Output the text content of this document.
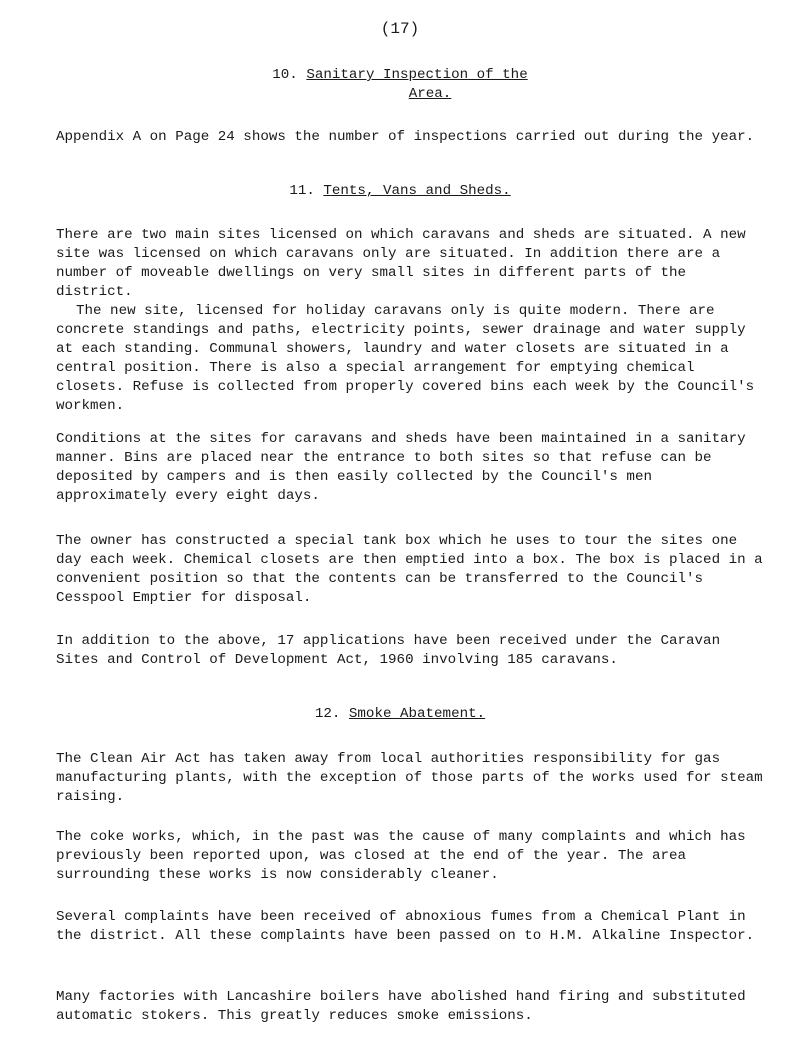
(17)
10. Sanitary Inspection of the
Area.
Appendix A on Page 24 shows the number of inspections carried out during the year.
11. Tents, Vans and Sheds.
There are two main sites licensed on which caravans and sheds are situated. A new site was licensed on which caravans only are situated. In addition there are a number of moveable dwellings on very small sites in different parts of the district.
The new site, licensed for holiday caravans only is quite modern. There are concrete standings and paths, electricity points, sewer drainage and water supply at each standing. Communal showers, laundry and water closets are situated in a central position. There is also a special arrangement for emptying chemical closets. Refuse is collected from properly covered bins each week by the Council's workmen.
Conditions at the sites for caravans and sheds have been maintained in a sanitary manner. Bins are placed near the entrance to both sites so that refuse can be deposited by campers and is then easily collected by the Council's men approximately every eight days.
The owner has constructed a special tank box which he uses to tour the sites one day each week. Chemical closets are then emptied into a box. The box is placed in a convenient position so that the contents can be transferred to the Council's Cesspool Emptier for disposal.
In addition to the above, 17 applications have been received under the Caravan Sites and Control of Development Act, 1960 involving 185 caravans.
12. Smoke Abatement.
The Clean Air Act has taken away from local authorities responsibility for gas manufacturing plants, with the exception of those parts of the works used for steam raising.
The coke works, which, in the past was the cause of many complaints and which has previously been reported upon, was closed at the end of the year. The area surrounding these works is now considerably cleaner.
Several complaints have been received of abnoxious fumes from a Chemical Plant in the district. All these complaints have been passed on to H.M. Alkaline Inspector.
Many factories with Lancashire boilers have abolished hand firing and substituted automatic stokers. This greatly reduces smoke emissions.
